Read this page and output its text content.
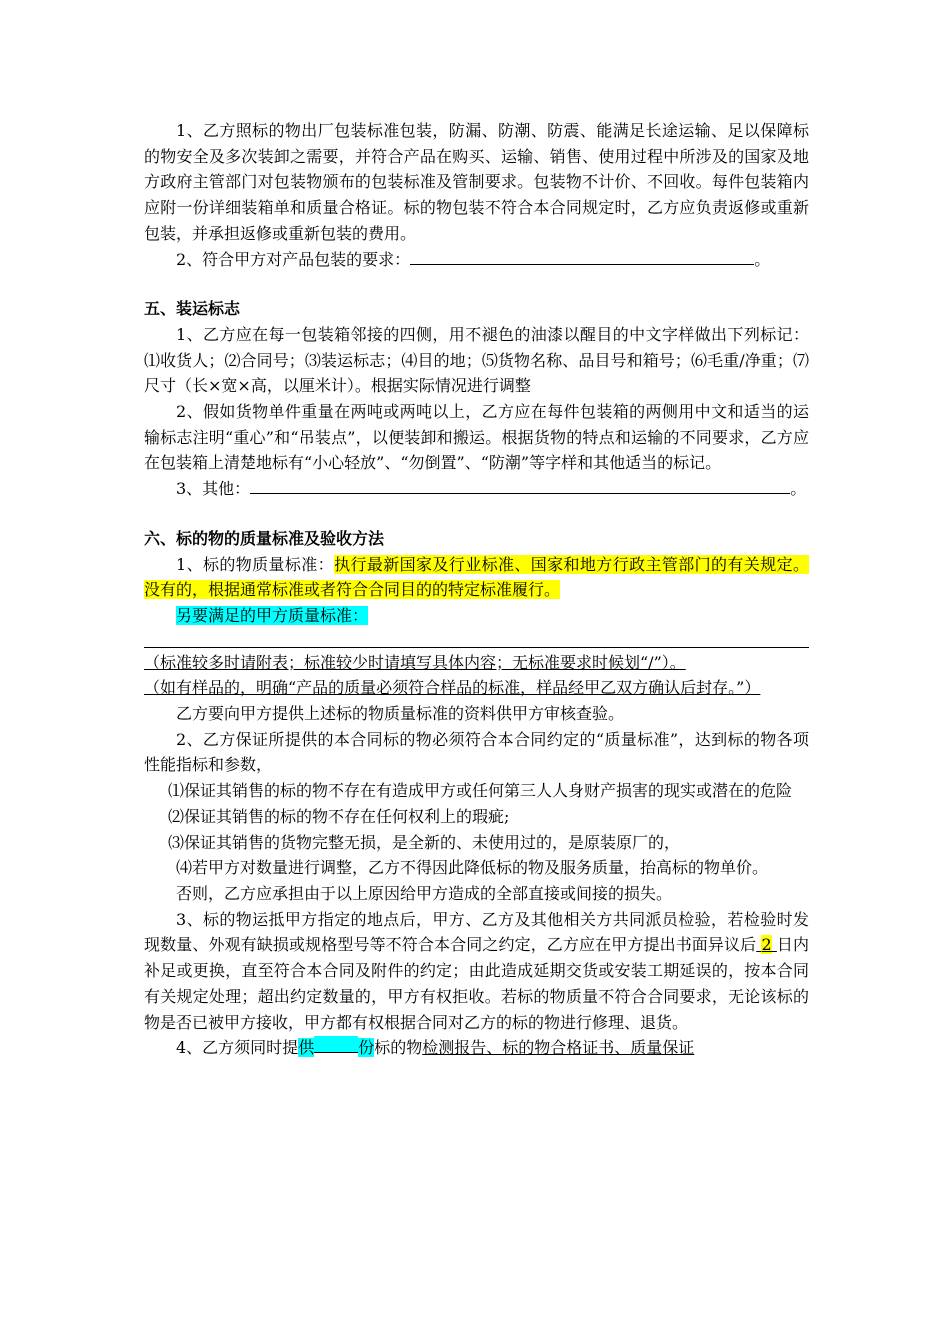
1、乙方照标的物出厂包装标准包装，防漏、防潮、防震、能满足长途运输、足以保障标的物安全及多次装卸之需要，并符合产品在购买、运输、销售、使用过程中所涉及的国家及地方政府主管部门对包装物颁布的包装标准及管制要求。包装物不计价、不回收。每件包装箱内应附一份详细装箱单和质量合格证。标的物包装不符合本合同规定时，乙方应负责返修或重新包装，并承担返修或重新包装的费用。

2、符合甲方对产品包装的要求：	。

五、装运标志

1、乙方应在每一包装箱邻接的四侧，用不褪色的油漆以醒目的中文字样做出下列标记：⑴收货人；⑵合同号；⑶装运标志；⑷目的地；⑸货物名称、品目号和箱号；⑹毛重/净重；⑺尺寸（长×宽×高，以厘米计）。根据实际情况进行调整

2、假如货物单件重量在两吨或两吨以上，乙方应在每件包装箱的两侧用中文和适当的运输标志注明“重心”和“吊装点”，以便装卸和搬运。根据货物的特点和运输的不同要求，乙方应在包装箱上清楚地标有“小心轻放”、“勿倒置”、“防潮”等字样和其他适当的标记。

3、其他：	。

六、标的物的质量标准及验收方法

1、标的物质量标准：执行最新国家及行业标准、国家和地方行政主管部门的有关规定。没有的，根据通常标准或者符合合同目的的特定标准履行。

另要满足的甲方质量标准：

（标准较多时请附表；标准较少时请填写具体内容；无标准要求时候划“/”）。

（如有样品的，明确“产品的质量必须符合样品的标准，样品经甲乙双方确认后封存。”）

乙方要向甲方提供上述标的物质量标准的资料供甲方审核查验。

2、乙方保证所提供的本合同标的物必须符合本合同约定的“质量标准”，达到标的物各项性能指标和参数，

⑴保证其销售的标的物不存在有造成甲方或任何第三人人身财产损害的现实或潜在的危险

⑵保证其销售的标的物不存在任何权利上的瑕疵;

⑶保证其销售的货物完整无损，是全新的、未使用过的，是原装原厂的，

⑷若甲方对数量进行调整，乙方不得因此降低标的物及服务质量，抬高标的物单价。

否则，乙方应承担由于以上原因给甲方造成的全部直接或间接的损失。

3、标的物运抵甲方指定的地点后，甲方、乙方及其他相关方共同派员检验，若检验时发现数量、外观有缺损或规格型号等不符合本合同之约定，乙方应在甲方提出书面异议后 2 日内补足或更换，直至符合本合同及附件的约定；由此造成延期交货或安装工期延误的，按本合同有关规定处理；超出约定数量的，甲方有权拒收。若标的物质量不符合合同要求，无论该标的物是否已被甲方接收，甲方都有权根据合同对乙方的标的物进行修理、退货。

4、乙方须同时提供	份标的物检测报告、标的物合格证书、质量保证
